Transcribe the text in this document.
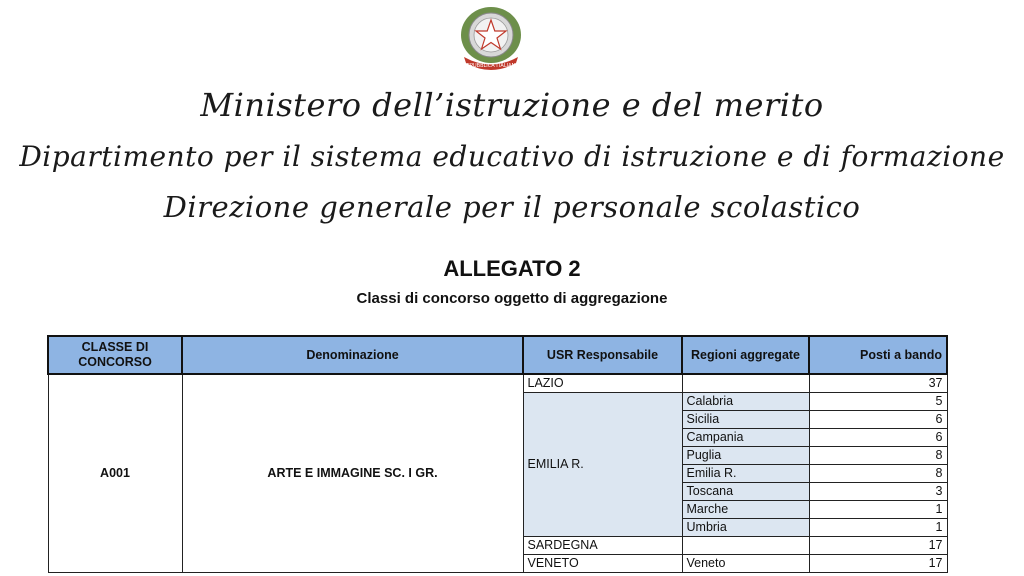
REPUBBLICA ITALIANA
Ministero dell’istruzione e del merito
Dipartimento per il sistema educativo di istruzione e di formazione
Direzione generale per il personale scolastico
ALLEGATO 2
Classi di concorso oggetto di aggregazione
CLASSE DI CONCORSO	Denominazione	USR Responsabile	Regioni aggregate	Posti a bando
A001	ARTE E IMMAGINE SC. I GR.	LAZIO		37
		EMILIA R.	Calabria	5
			Sicilia	6
			Campania	6
			Puglia	8
			Emilia R.	8
			Toscana	3
			Marche	1
			Umbria	1
		SARDEGNA		17
		VENETO	Veneto	17
